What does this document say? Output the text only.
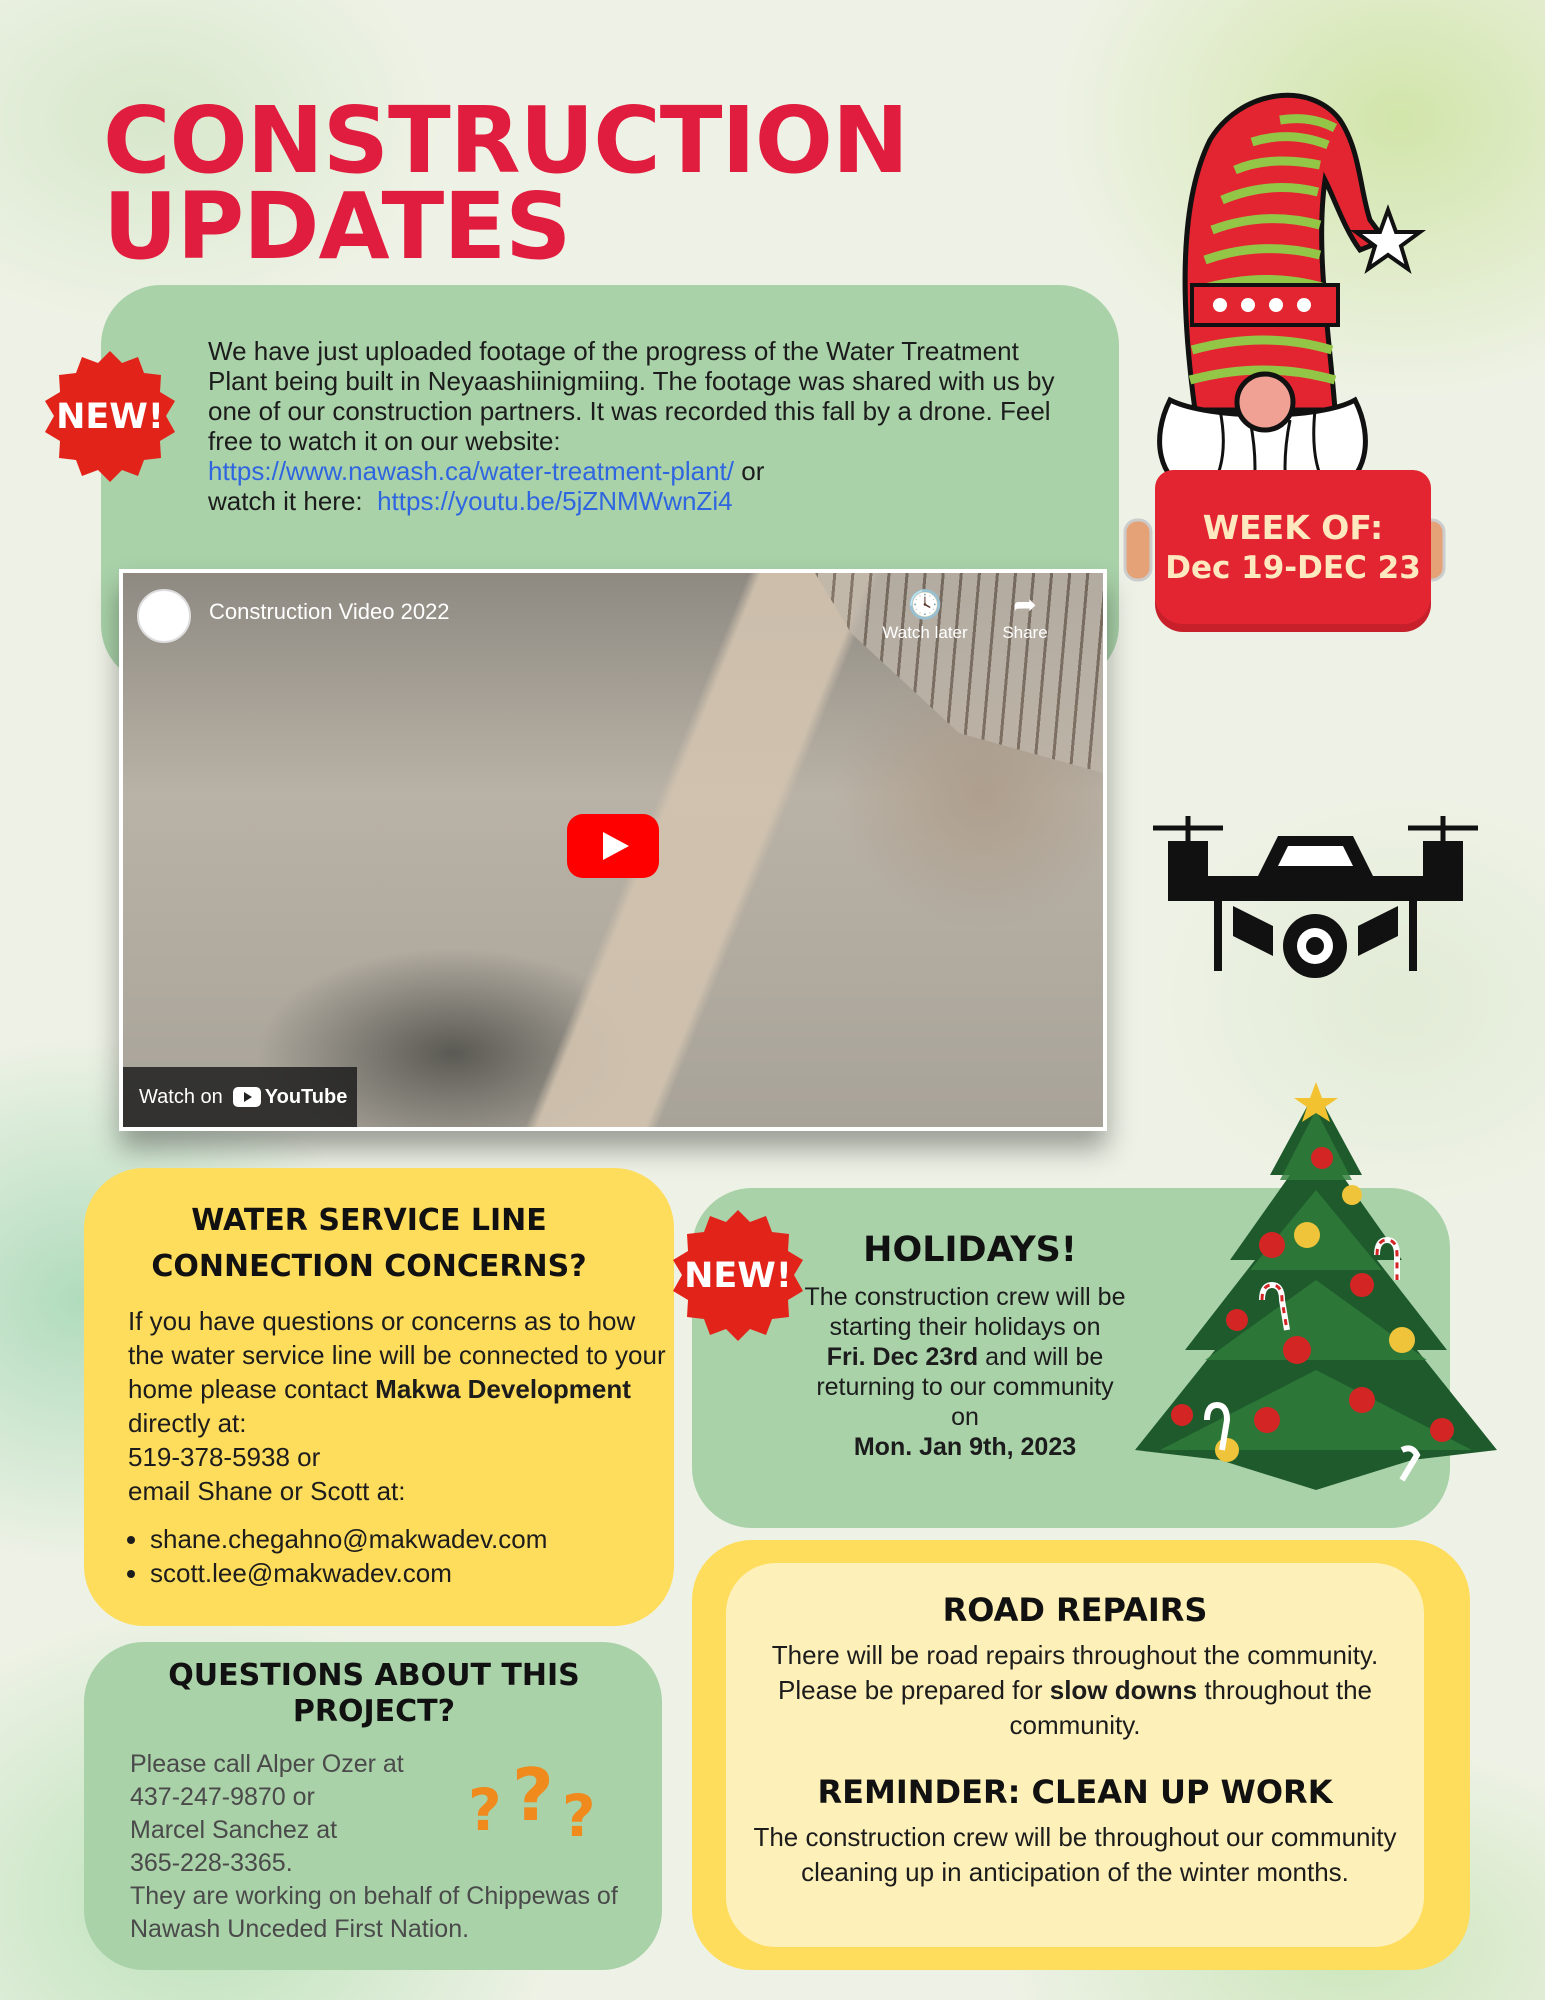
CONSTRUCTION
UPDATES
NEW!

We have just uploaded footage of the progress of the Water Treatment Plant being built in Neyaashiinigmiing. The footage was shared with us by one of our construction partners. It was recorded this fall by a drone. Feel free to watch it on our website:
https://www.nawash.ca/water-treatment-plant/ or
watch it here: https://youtu.be/5jZNMWwnZi4

Construction Video 2022	🕓
Watch later
➦
Share
Watch on YouTube
WEEK OF:
Dec 19-DEC 23
WATER SERVICE LINE
CONNECTION CONCERNS?

If you have questions or concerns as to how the water service line will be connected to your home please contact Makwa Development directly at:
519-378-5938 or
email Shane or Scott at:

• shane.chegahno@makwadev.com
• scott.lee@makwadev.com
NEW!
HOLIDAYS!

The construction crew will be starting their holidays on
Fri. Dec 23rd and will be returning to our community on
Mon. Jan 9th, 2023

QUESTIONS ABOUT THIS PROJECT?

Please call Alper Ozer at
437-247-9870 or
Marcel Sanchez at
365-228-3365.
They are working on behalf of Chippewas of Nawash Unceded First Nation.

? ? ?
ROAD REPAIRS

There will be road repairs throughout the community. Please be prepared for slow downs throughout the community.

REMINDER: CLEAN UP WORK

The construction crew will be throughout our community cleaning up in anticipation of the winter months.
